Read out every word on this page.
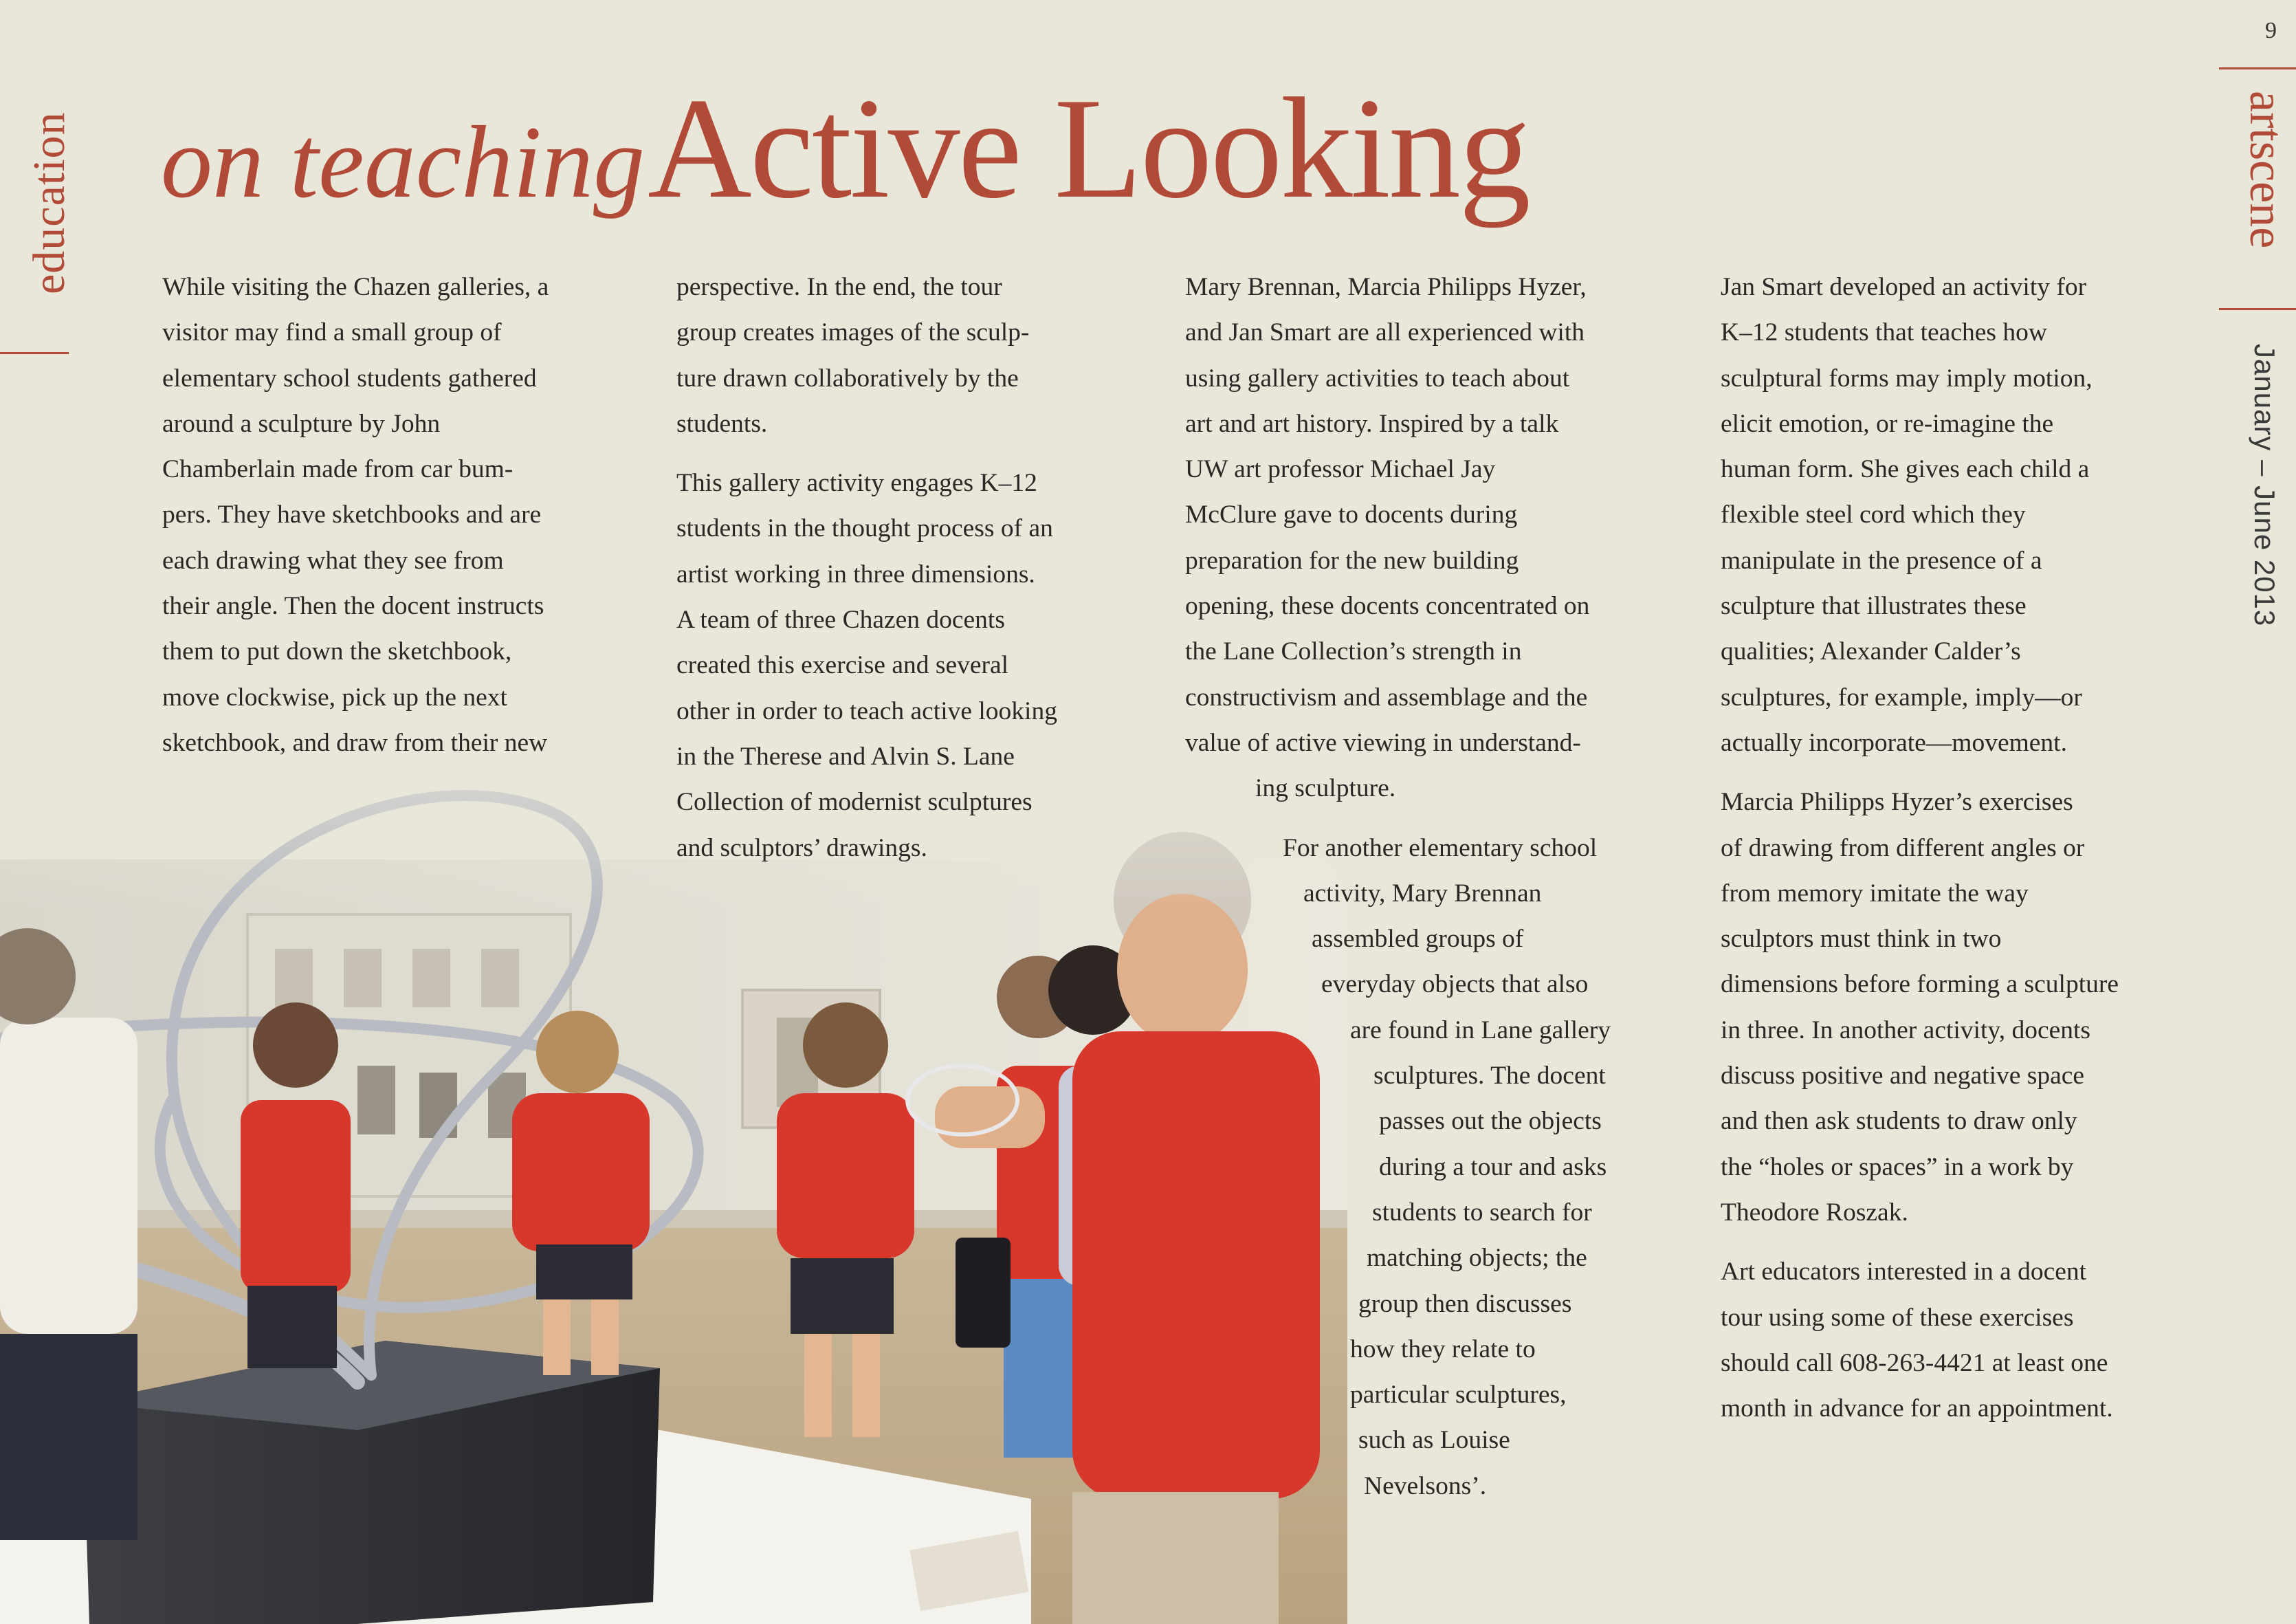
education
9
artscene
January – June 2013
on teaching Active Looking
While visiting the Chazen galleries, a
visitor may find a small group of
elementary school students gathered
around a sculpture by John
Chamberlain made from car bum-
pers. They have sketchbooks and are
each drawing what they see from
their angle. Then the docent instructs
them to put down the sketchbook,
move clockwise, pick up the next
sketchbook, and draw from their new
perspective. In the end, the tour
group creates images of the sculp-
ture drawn collaboratively by the
students.
This gallery activity engages K–12
students in the thought process of an
artist working in three dimensions.
A team of three Chazen docents
created this exercise and several
other in order to teach active looking
in the Therese and Alvin S. Lane
Collection of modernist sculptures
and sculptors’ drawings.
Mary Brennan, Marcia Philipps Hyzer,
and Jan Smart are all experienced with
using gallery activities to teach about
art and art history. Inspired by a talk
UW art professor Michael Jay
McClure gave to docents during
preparation for the new building
opening, these docents concentrated on
the Lane Collection’s strength in
constructivism and assemblage and the
value of active viewing in understand-
ing sculpture.
For another elementary school
activity, Mary Brennan
assembled groups of
everyday objects that also
are found in Lane gallery
sculptures. The docent
passes out the objects
during a tour and asks
students to search for
matching objects; the
group then discusses
how they relate to
particular sculptures,
such as Louise
Nevelsons’.
Jan Smart developed an activity for
K–12 students that teaches how
sculptural forms may imply motion,
elicit emotion, or re-imagine the
human form. She gives each child a
flexible steel cord which they
manipulate in the presence of a
sculpture that illustrates these
qualities; Alexander Calder’s
sculptures, for example, imply—or
actually incorporate—movement.
Marcia Philipps Hyzer’s exercises
of drawing from different angles or
from memory imitate the way
sculptors must think in two
dimensions before forming a sculpture
in three. In another activity, docents
discuss positive and negative space
and then ask students to draw only
the “holes or spaces” in a work by
Theodore Roszak.
Art educators interested in a docent
tour using some of these exercises
should call 608-263-4421 at least one
month in advance for an appointment.
